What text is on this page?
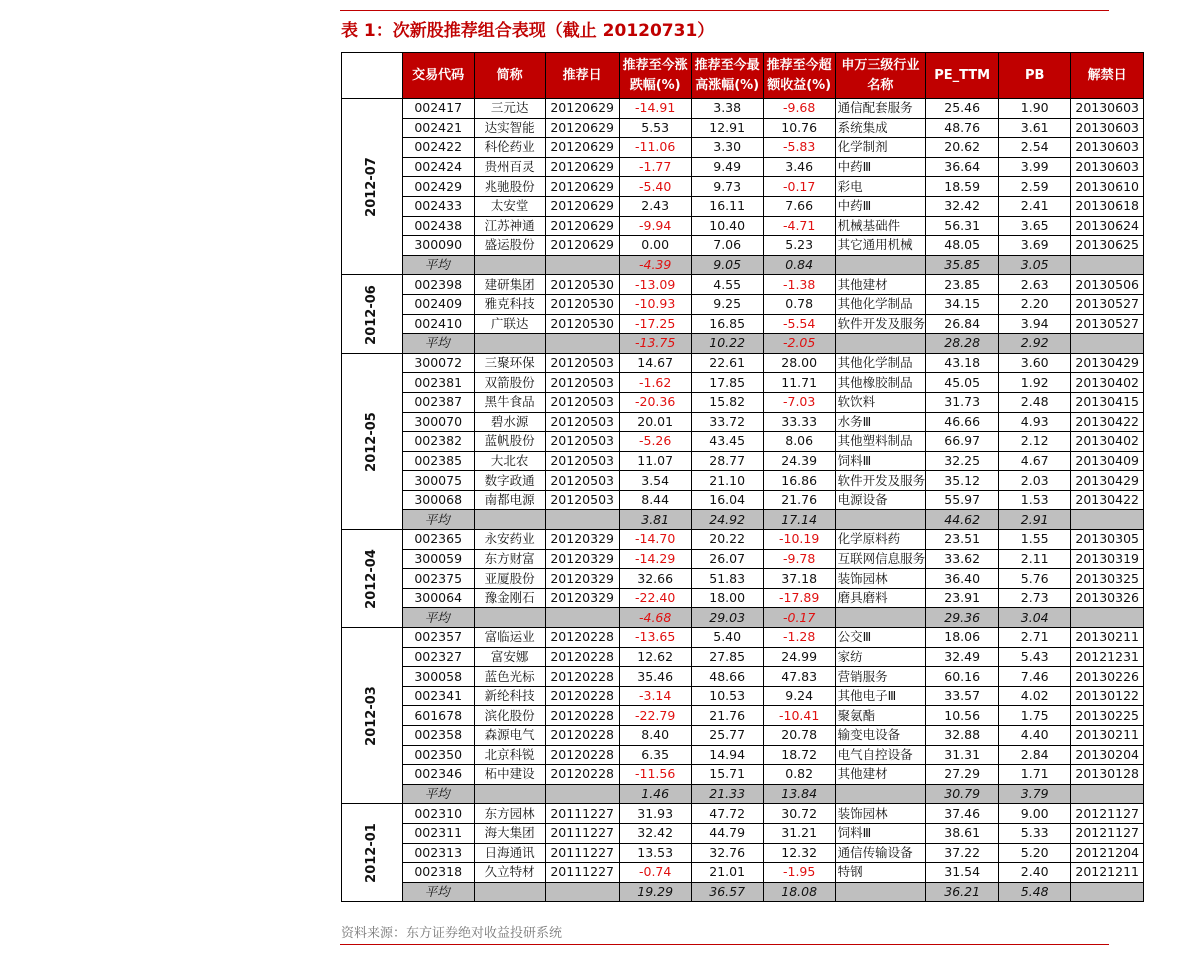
表 1：次新股推荐组合表现（截止 20120731）
	交易代码	简称	推荐日	推荐至今涨跌幅(%)	推荐至今最高涨幅(%)	推荐至今超额收益(%)	申万三级行业名称	PE_TTM	PB	解禁日
2012-07	002417	三元达	20120629	-14.91	3.38	-9.68	通信配套服务	25.46	1.90	20130603
	002421	达实智能	20120629	5.53	12.91	10.76	系统集成	48.76	3.61	20130603
	002422	科伦药业	20120629	-11.06	3.30	-5.83	化学制剂	20.62	2.54	20130603
	002424	贵州百灵	20120629	-1.77	9.49	3.46	中药Ⅲ	36.64	3.99	20130603
	002429	兆驰股份	20120629	-5.40	9.73	-0.17	彩电	18.59	2.59	20130610
	002433	太安堂	20120629	2.43	16.11	7.66	中药Ⅲ	32.42	2.41	20130618
	002438	江苏神通	20120629	-9.94	10.40	-4.71	机械基础件	56.31	3.65	20130624
	300090	盛运股份	20120629	0.00	7.06	5.23	其它通用机械	48.05	3.69	20130625
	平均			-4.39	9.05	0.84		35.85	3.05	
2012-06	002398	建研集团	20120530	-13.09	4.55	-1.38	其他建材	23.85	2.63	20130506
	002409	雅克科技	20120530	-10.93	9.25	0.78	其他化学制品	34.15	2.20	20130527
	002410	广联达	20120530	-17.25	16.85	-5.54	软件开发及服务	26.84	3.94	20130527
	平均			-13.75	10.22	-2.05		28.28	2.92	
2012-05	300072	三聚环保	20120503	14.67	22.61	28.00	其他化学制品	43.18	3.60	20130429
	002381	双箭股份	20120503	-1.62	17.85	11.71	其他橡胶制品	45.05	1.92	20130402
	002387	黑牛食品	20120503	-20.36	15.82	-7.03	软饮料	31.73	2.48	20130415
	300070	碧水源	20120503	20.01	33.72	33.33	水务Ⅲ	46.66	4.93	20130422
	002382	蓝帆股份	20120503	-5.26	43.45	8.06	其他塑料制品	66.97	2.12	20130402
	002385	大北农	20120503	11.07	28.77	24.39	饲料Ⅲ	32.25	4.67	20130409
	300075	数字政通	20120503	3.54	21.10	16.86	软件开发及服务	35.12	2.03	20130429
	300068	南都电源	20120503	8.44	16.04	21.76	电源设备	55.97	1.53	20130422
	平均			3.81	24.92	17.14		44.62	2.91	
2012-04	002365	永安药业	20120329	-14.70	20.22	-10.19	化学原料药	23.51	1.55	20130305
	300059	东方财富	20120329	-14.29	26.07	-9.78	互联网信息服务	33.62	2.11	20130319
	002375	亚厦股份	20120329	32.66	51.83	37.18	装饰园林	36.40	5.76	20130325
	300064	豫金刚石	20120329	-22.40	18.00	-17.89	磨具磨料	23.91	2.73	20130326
	平均			-4.68	29.03	-0.17		29.36	3.04	
2012-03	002357	富临运业	20120228	-13.65	5.40	-1.28	公交Ⅲ	18.06	2.71	20130211
	002327	富安娜	20120228	12.62	27.85	24.99	家纺	32.49	5.43	20121231
	300058	蓝色光标	20120228	35.46	48.66	47.83	营销服务	60.16	7.46	20130226
	002341	新纶科技	20120228	-3.14	10.53	9.24	其他电子Ⅲ	33.57	4.02	20130122
	601678	滨化股份	20120228	-22.79	21.76	-10.41	聚氨酯	10.56	1.75	20130225
	002358	森源电气	20120228	8.40	25.77	20.78	输变电设备	32.88	4.40	20130211
	002350	北京科锐	20120228	6.35	14.94	18.72	电气自控设备	31.31	2.84	20130204
	002346	柘中建设	20120228	-11.56	15.71	0.82	其他建材	27.29	1.71	20130128
	平均			1.46	21.33	13.84		30.79	3.79	
2012-01	002310	东方园林	20111227	31.93	47.72	30.72	装饰园林	37.46	9.00	20121127
	002311	海大集团	20111227	32.42	44.79	31.21	饲料Ⅲ	38.61	5.33	20121127
	002313	日海通讯	20111227	13.53	32.76	12.32	通信传输设备	37.22	5.20	20121204
	002318	久立特材	20111227	-0.74	21.01	-1.95	特钢	31.54	2.40	20121211
	平均			19.29	36.57	18.08		36.21	5.48	
资料来源：东方证券绝对收益投研系统
